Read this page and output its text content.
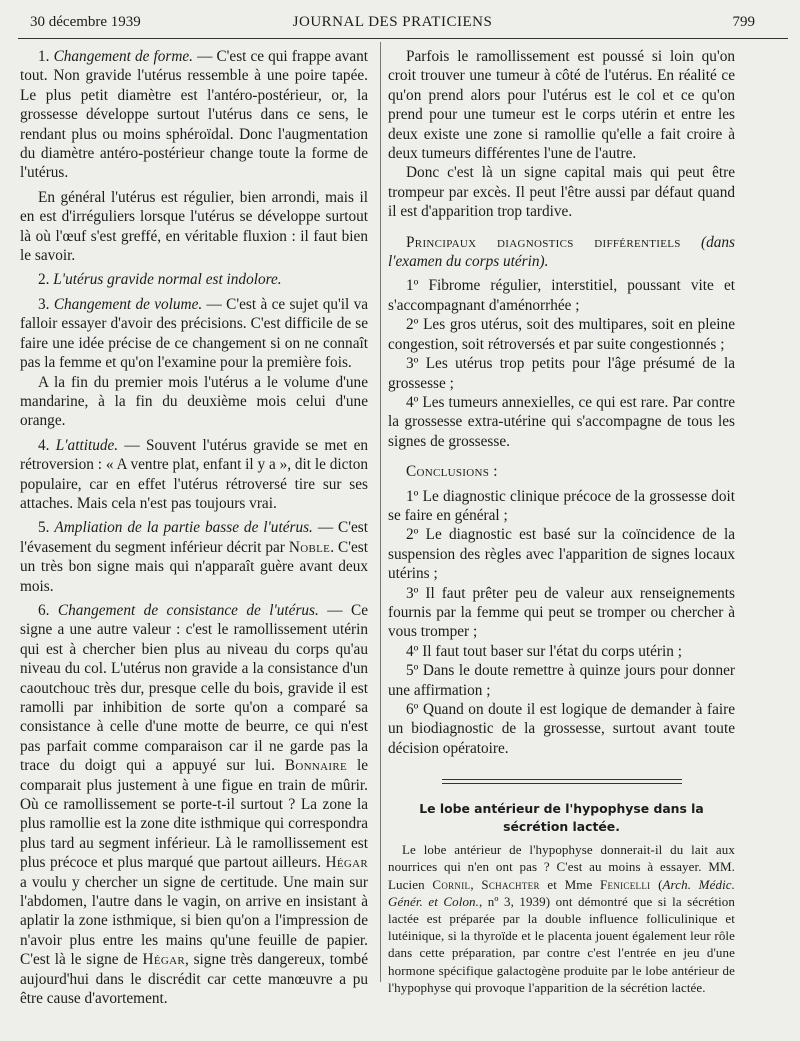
30 décembre 1939	JOURNAL DES PRATICIENS	799

1. Changement de forme. — C'est ce qui frappe avant tout. Non gravide l'utérus ressemble à une poire tapée. Le plus petit diamètre est l'antéro-postérieur, or, la grossesse développe surtout l'utérus dans ce sens, le rendant plus ou moins sphéroïdal. Donc l'augmentation du diamètre antéro-postérieur change toute la forme de l'utérus.

En général l'utérus est régulier, bien arrondi, mais il en est d'irréguliers lorsque l'utérus se développe surtout là où l'œuf s'est greffé, en véritable fluxion : il faut bien le savoir.

2. L'utérus gravide normal est indolore.

3. Changement de volume. — C'est à ce sujet qu'il va falloir essayer d'avoir des précisions. C'est difficile de se faire une idée précise de ce changement si on ne connaît pas la femme et qu'on l'examine pour la première fois.

A la fin du premier mois l'utérus a le volume d'une mandarine, à la fin du deuxième mois celui d'une orange.

4. L'attitude. — Souvent l'utérus gravide se met en rétroversion : « A ventre plat, enfant il y a », dit le dicton populaire, car en effet l'utérus rétroversé tire sur ses attaches. Mais cela n'est pas toujours vrai.

5. Ampliation de la partie basse de l'utérus. — C'est l'évasement du segment inférieur décrit par Noble. C'est un très bon signe mais qui n'apparaît guère avant deux mois.

6. Changement de consistance de l'utérus. — Ce signe a une autre valeur : c'est le ramollissement utérin qui est à chercher bien plus au niveau du corps qu'au niveau du col. L'utérus non gravide a la consistance d'un caoutchouc très dur, presque celle du bois, gravide il est ramolli par inhibition de sorte qu'on a comparé sa consistance à celle d'une motte de beurre, ce qui n'est pas parfait comme comparaison car il ne garde pas la trace du doigt qui a appuyé sur lui. Bonnaire le comparait plus justement à une figue en train de mûrir. Où ce ramollissement se porte-t-il surtout ? La zone la plus ramollie est la zone dite isthmique qui correspondra plus tard au segment inférieur. Là le ramollissement est plus précoce et plus marqué que partout ailleurs. Hégar a voulu y chercher un signe de certitude. Une main sur l'abdomen, l'autre dans le vagin, on arrive en insistant à aplatir la zone isthmique, si bien qu'on a l'impression de n'avoir plus entre les mains qu'une feuille de papier. C'est là le signe de Hégar, signe très dangereux, tombé aujourd'hui dans le discrédit car cette manœuvre a pu être cause d'avortement.

Parfois le ramollissement est poussé si loin qu'on croit trouver une tumeur à côté de l'utérus. En réalité ce qu'on prend alors pour l'utérus est le col et ce qu'on prend pour une tumeur est le corps utérin et entre les deux existe une zone si ramollie qu'elle a fait croire à deux tumeurs différentes l'une de l'autre.

Donc c'est là un signe capital mais qui peut être trompeur par excès. Il peut l'être aussi par défaut quand il est d'apparition trop tardive.

Principaux diagnostics différentiels (dans l'examen du corps utérin).

1º Fibrome régulier, interstitiel, poussant vite et s'accompagnant d'aménorrhée ;

2º Les gros utérus, soit des multipares, soit en pleine congestion, soit rétroversés et par suite congestionnés ;

3º Les utérus trop petits pour l'âge présumé de la grossesse ;

4º Les tumeurs annexielles, ce qui est rare. Par contre la grossesse extra-utérine qui s'accompagne de tous les signes de grossesse.

Conclusions :

1º Le diagnostic clinique précoce de la grossesse doit se faire en général ;

2º Le diagnostic est basé sur la coïncidence de la suspension des règles avec l'apparition de signes locaux utérins ;

3º Il faut prêter peu de valeur aux renseignements fournis par la femme qui peut se tromper ou chercher à vous tromper ;

4º Il faut tout baser sur l'état du corps utérin ;

5º Dans le doute remettre à quinze jours pour donner une affirmation ;

6º Quand on doute il est logique de demander à faire un biodiagnostic de la grossesse, surtout avant toute décision opératoire.

Le lobe antérieur de l'hypophyse dans la sécrétion lactée.

Le lobe antérieur de l'hypophyse donnerait-il du lait aux nourrices qui n'en ont pas ? C'est au moins à essayer. MM. Lucien Cornil, Schachter et Mme Fenicelli (Arch. Médic. Génér. et Colon., nº 3, 1939) ont démontré que si la sécrétion lactée est préparée par la double influence folliculinique et lutéinique, si la thyroïde et le placenta jouent également leur rôle dans cette préparation, par contre c'est l'entrée en jeu d'une hormone spécifique galactogène produite par le lobe antérieur de l'hypophyse qui provoque l'apparition de la sécrétion lactée.
